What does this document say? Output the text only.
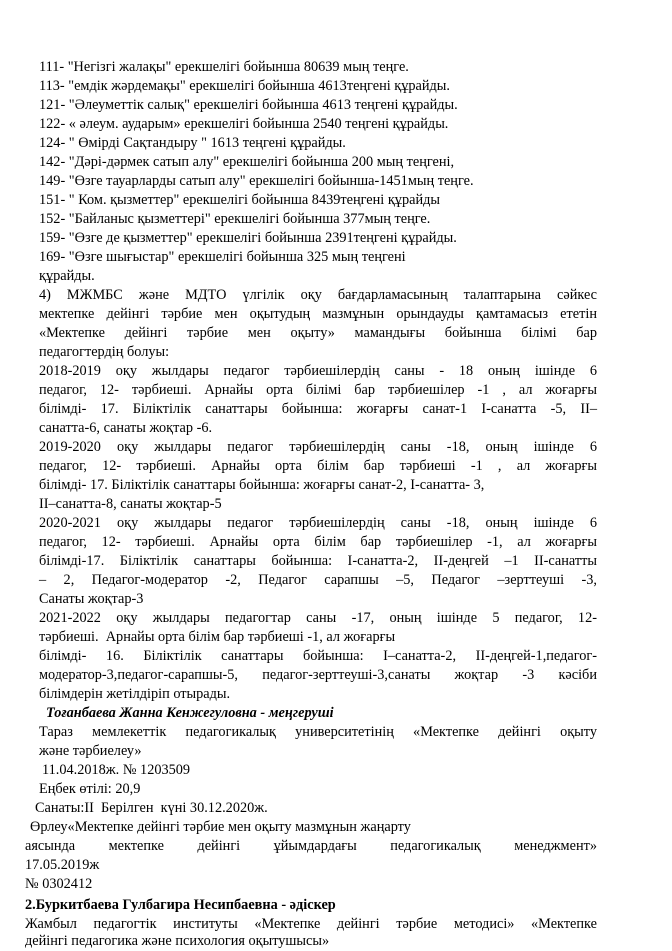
111- "Негізгі жалақы" ерекшелігі бойынша 80639 мың теңге.
113- "емдік жәрдемақы" ерекшелігі бойынша 4613теңгені құрайды.
121- "Әлеуметтік салық" ерекшелігі бойынша 4613 теңгені құрайды.
122- « әлеум. аударым» ерекшелігі бойынша 2540 теңгені құрайды.
124- " Өмірді Сақтандыру " 1613 теңгені құрайды.
142- "Дәрі-дәрмек сатып алу" ерекшелігі бойынша 200 мың теңгені,
149- "Өзге тауарларды сатып алу" ерекшелігі бойынша-1451мың теңге.
151- " Ком. қызметтер" ерекшелігі бойынша 8439теңгені құрайды
152- "Байланыс қызметтері" ерекшелігі бойынша 377мың теңге.
159- "Өзге де қызметтер" ерекшелігі бойынша 2391теңгені құрайды.
169- "Өзге шығыстар" ерекшелігі бойынша 325 мың теңгені
құрайды.
4) МЖМБС және МДТО үлгілік оқу бағдарламасының талаптарына сәйкес
мектепке дейінгі тәрбие мен оқытудың мазмұнын орындауды қамтамасыз ететін
«Мектепке дейінгі тәрбие мен оқыту» мамандығы бойынша білімі бар
педагогтердің болуы:
2018-2019 оқу жылдары педагог тәрбиешілердің саны - 18 оның ішінде 6
педагог, 12- тәрбиеші. Арнайы орта білімі бар тәрбиешілер -1 , ал жоғарғы
білімді- 17. Біліктілік санаттары бойынша: жоғарғы санат-1 І-санатта -5, ІІ–
санатта-6, санаты жоқтар -6.
2019-2020 оқу жылдары педагог тәрбиешілердің саны -18, оның ішінде 6
педагог, 12- тәрбиеші. Арнайы орта білім бар тәрбиеші -1 , ал жоғарғы
білімді- 17. Біліктілік санаттары бойынша: жоғарғы санат-2, І-санатта- 3,
ІІ–санатта-8, санаты жоқтар-5
2020-2021 оқу жылдары педагог тәрбиешілердің саны -18, оның ішінде 6
педагог, 12- тәрбиеші. Арнайы орта білім бар тәрбиешілер -1, ал жоғарғы
білімді-17. Біліктілік санаттары бойынша: І-санатта-2, ІІ-деңгей –1 ІІ-санатты
– 2, Педагог-модератор -2, Педагог сарапшы –5, Педагог –зерттеуші -3,
Санаты жоқтар-3
2021-2022 оқу жылдары педагогтар саны -17, оның ішінде 5 педагог, 12-
тәрбиеші.  Арнайы орта білім бар тәрбиеші -1, ал жоғарғы
білімді- 16. Біліктілік санаттары бойынша: І–санатта-2, ІІ-деңгей-1,педагог-
модератор-3,педагог-сарапшы-5, педагог-зерттеуші-3,санаты жоқтар -3 кәсіби
білімдерін жетілдіріп отырады.
Тоғанбаева Жанна Кенжегуловна - меңгеруші
Тараз мемлекеттік педагогикалық университетінің «Мектепке дейінгі оқыту
және тәрбиелеу»
11.04.2018ж. № 1203509
Еңбек өтілі: 20,9
Санаты:ІІ  Берілген  күні 30.12.2020ж.
Өрлеу«Мектепке дейінгі тәрбие мен оқыту мазмұнын жаңарту
аясында мектепке дейінгі ұйымдардағы педагогикалық менеджмент»
17.05.2019ж
№ 0302412
2.Буркитбаева Гулбагира Несипбаевна - әдіскер
Жамбыл педагогтік институты «Мектепке дейінгі тәрбие методисі» «Мектепке
дейінгі педагогика және психология оқытушысы»
